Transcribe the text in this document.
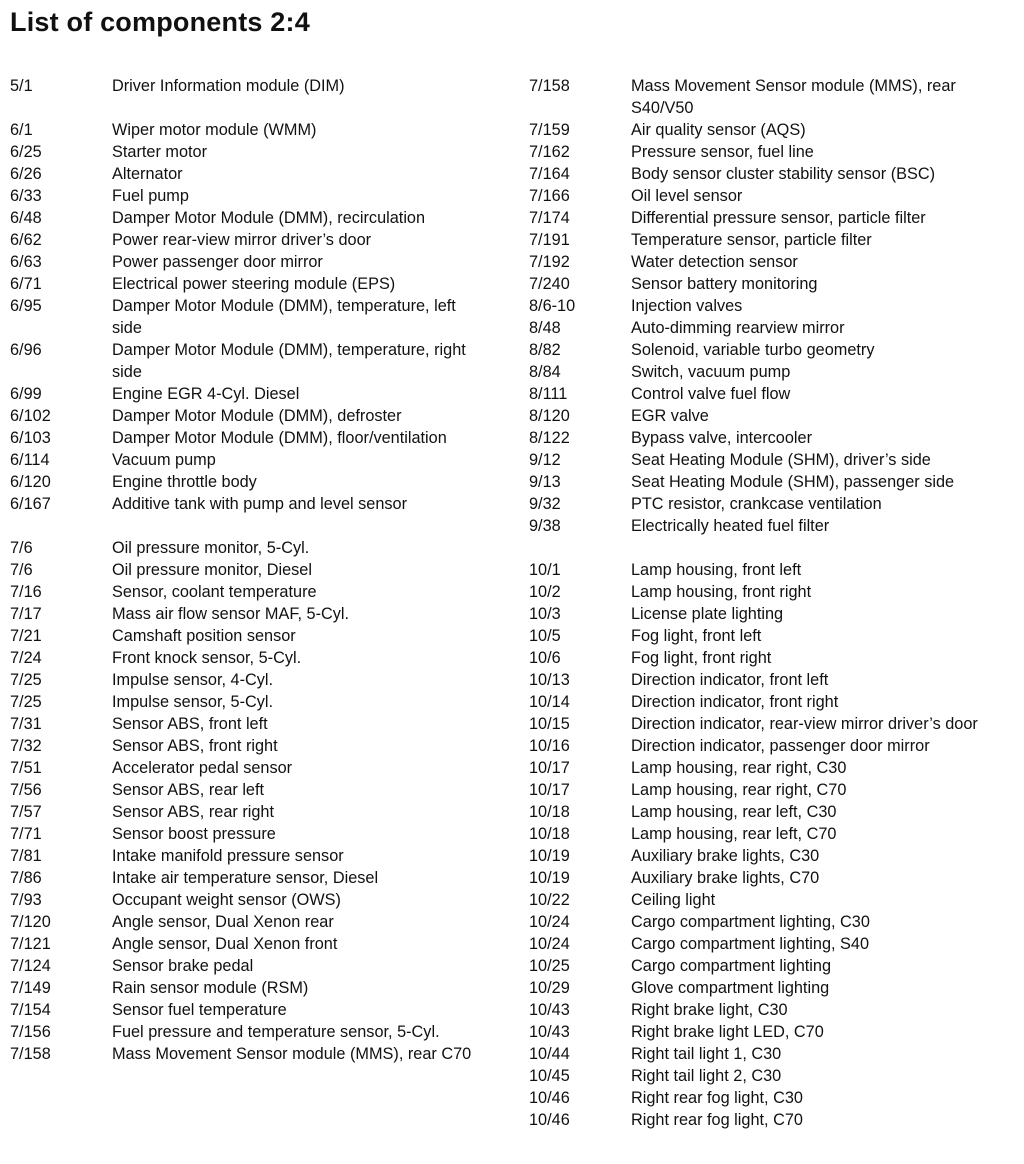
List of components 2:4
5/1	Driver Information module (DIM)
6/1	Wiper motor module (WMM)
6/25	Starter motor
6/26	Alternator
6/33	Fuel pump
6/48	Damper Motor Module (DMM), recirculation
6/62	Power rear-view mirror driver’s door
6/63	Power passenger door mirror
6/71	Electrical power steering module (EPS)
6/95	Damper Motor Module (DMM), temperature, left side
6/96	Damper Motor Module (DMM), temperature, right side
6/99	Engine EGR 4-Cyl. Diesel
6/102	Damper Motor Module (DMM), defroster
6/103	Damper Motor Module (DMM), floor/ventilation
6/114	Vacuum pump
6/120	Engine throttle body
6/167	Additive tank with pump and level sensor
7/6	Oil pressure monitor, 5-Cyl.
7/6	Oil pressure monitor, Diesel
7/16	Sensor, coolant temperature
7/17	Mass air flow sensor MAF, 5-Cyl.
7/21	Camshaft position sensor
7/24	Front knock sensor, 5-Cyl.
7/25	Impulse sensor, 4-Cyl.
7/25	Impulse sensor, 5-Cyl.
7/31	Sensor ABS, front left
7/32	Sensor ABS, front right
7/51	Accelerator pedal sensor
7/56	Sensor ABS, rear left
7/57	Sensor ABS, rear right
7/71	Sensor boost pressure
7/81	Intake manifold pressure sensor
7/86	Intake air temperature sensor, Diesel
7/93	Occupant weight sensor (OWS)
7/120	Angle sensor, Dual Xenon rear
7/121	Angle sensor, Dual Xenon front
7/124	Sensor brake pedal
7/149	Rain sensor module (RSM)
7/154	Sensor fuel temperature
7/156	Fuel pressure and temperature sensor, 5-Cyl.
7/158	Mass Movement Sensor module (MMS), rear C70
7/158	Mass Movement Sensor module (MMS), rear S40/V50
7/159	Air quality sensor (AQS)
7/162	Pressure sensor, fuel line
7/164	Body sensor cluster stability sensor (BSC)
7/166	Oil level sensor
7/174	Differential pressure sensor, particle filter
7/191	Temperature sensor, particle filter
7/192	Water detection sensor
7/240	Sensor battery monitoring
8/6-10	Injection valves
8/48	Auto-dimming rearview mirror
8/82	Solenoid, variable turbo geometry
8/84	Switch, vacuum pump
8/111	Control valve fuel flow
8/120	EGR valve
8/122	Bypass valve, intercooler
9/12	Seat Heating Module (SHM), driver’s side
9/13	Seat Heating Module (SHM), passenger side
9/32	PTC resistor, crankcase ventilation
9/38	Electrically heated fuel filter
10/1	Lamp housing, front left
10/2	Lamp housing, front right
10/3	License plate lighting
10/5	Fog light, front left
10/6	Fog light, front right
10/13	Direction indicator, front left
10/14	Direction indicator, front right
10/15	Direction indicator, rear-view mirror driver’s door
10/16	Direction indicator, passenger door mirror
10/17	Lamp housing, rear right, C30
10/17	Lamp housing, rear right, C70
10/18	Lamp housing, rear left, C30
10/18	Lamp housing, rear left, C70
10/19	Auxiliary brake lights, C30
10/19	Auxiliary brake lights, C70
10/22	Ceiling light
10/24	Cargo compartment lighting, C30
10/24	Cargo compartment lighting, S40
10/25	Cargo compartment lighting
10/29	Glove compartment lighting
10/43	Right brake light, C30
10/43	Right brake light LED, C70
10/44	Right tail light 1, C30
10/45	Right tail light 2, C30
10/46	Right rear fog light, C30
10/46	Right rear fog light, C70
